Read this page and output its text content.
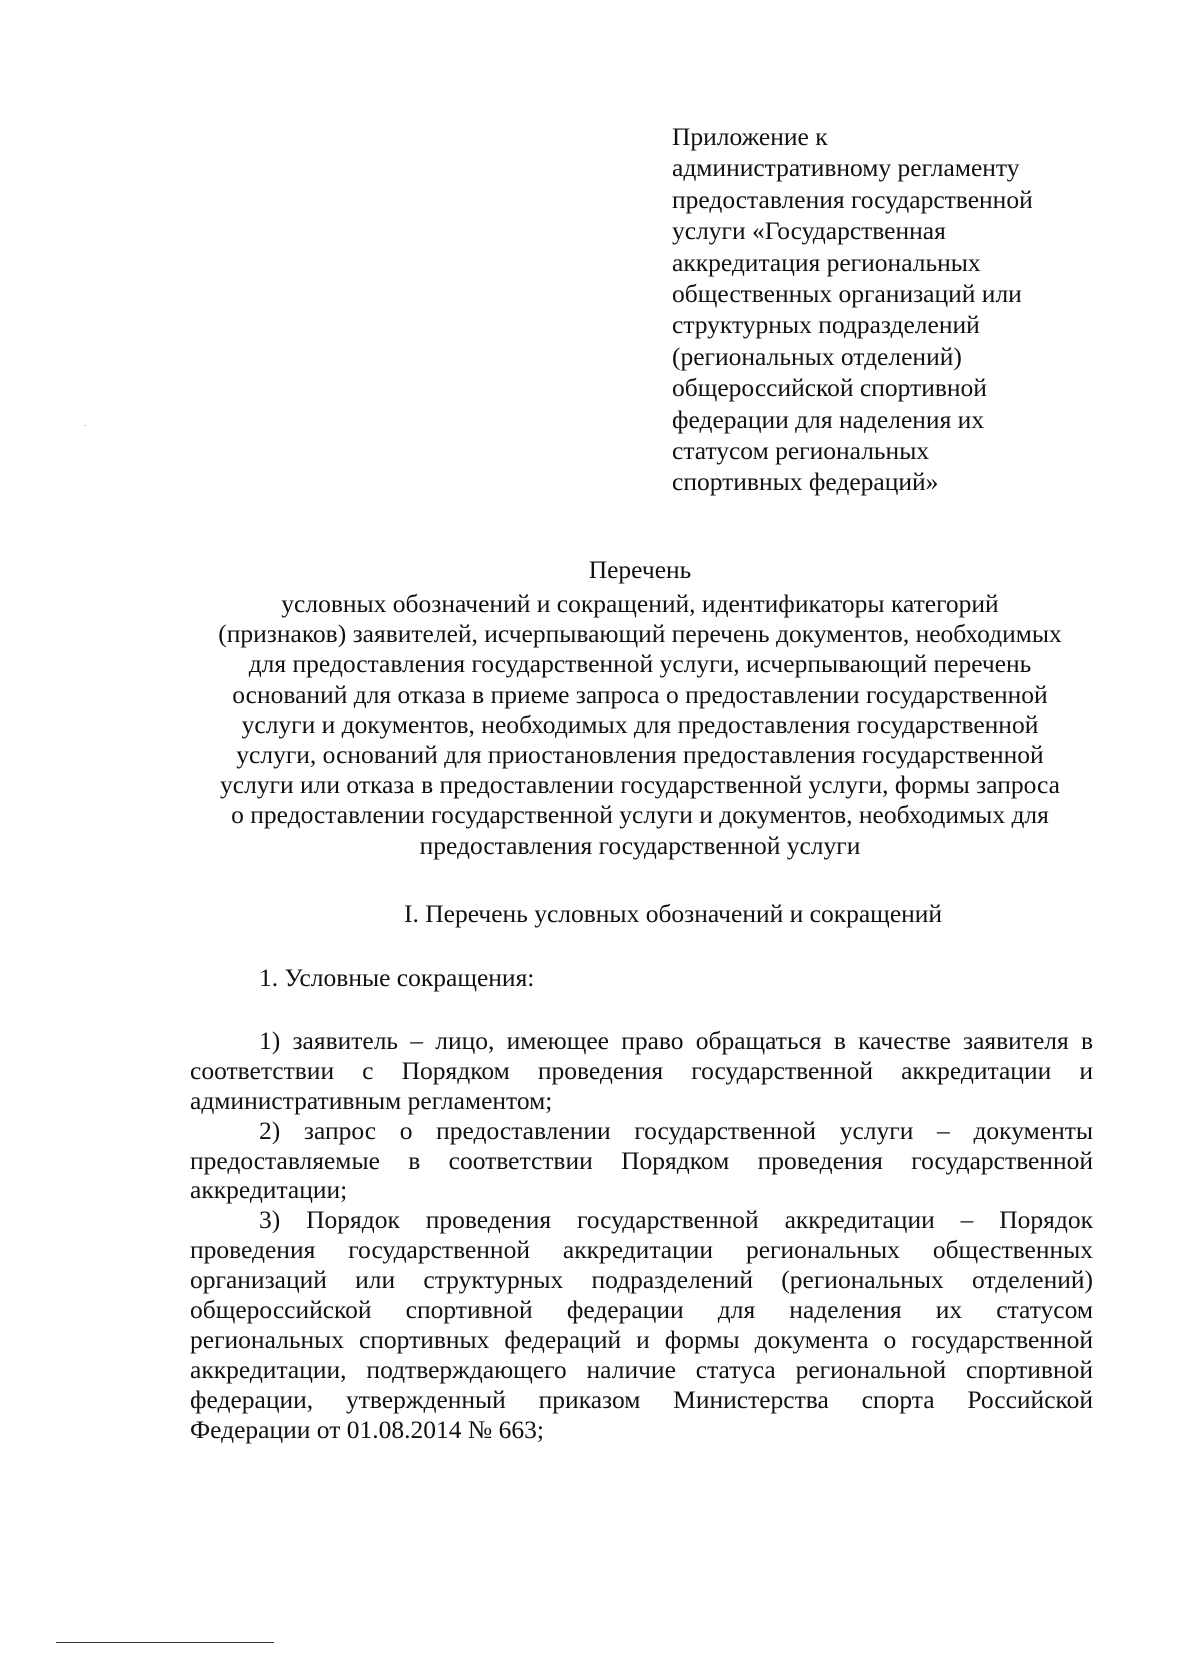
Приложение к
административному регламенту
предоставления государственной
услуги «Государственная
аккредитация региональных
общественных организаций или
структурных подразделений
(региональных отделений)
общероссийской спортивной
федерации для наделения их
статусом региональных
спортивных федераций»
Перечень
условных обозначений и сокращений, идентификаторы категорий
(признаков) заявителей, исчерпывающий перечень документов, необходимых
для предоставления государственной услуги, исчерпывающий перечень
оснований для отказа в приеме запроса о предоставлении государственной
услуги и документов, необходимых для предоставления государственной
услуги, оснований для приостановления предоставления государственной
услуги или отказа в предоставлении государственной услуги, формы запроса
о предоставлении государственной услуги и документов, необходимых для
предоставления государственной услуги
I. Перечень условных обозначений и сокращений
1. Условные сокращения:
1) заявитель – лицо, имеющее право обращаться в качестве заявителя в
соответствии с Порядком проведения государственной аккредитации и
административным регламентом;
2) запрос о предоставлении государственной услуги – документы
предоставляемые в соответствии Порядком проведения государственной
аккредитации;
3) Порядок проведения государственной аккредитации – Порядок
проведения государственной аккредитации региональных общественных
организаций или структурных подразделений (региональных отделений)
общероссийской спортивной федерации для наделения их статусом
региональных спортивных федераций и формы документа о государственной
аккредитации, подтверждающего наличие статуса региональной спортивной
федерации, утвержденный приказом Министерства спорта Российской
Федерации от 01.08.2014 № 663;
